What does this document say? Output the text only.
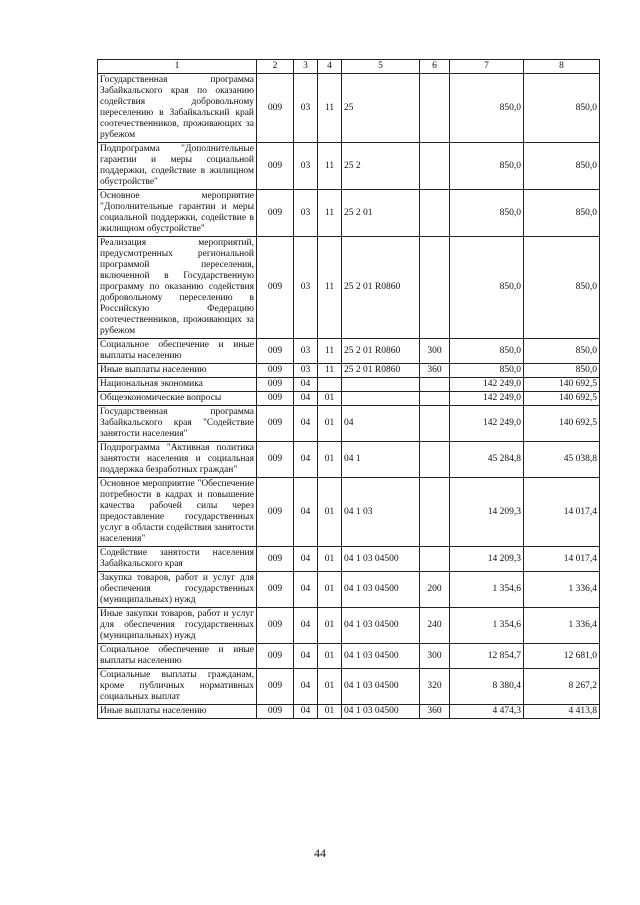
1	2	3	4	5	6	7	8
Государственная программа Забайкальского края по оказанию содействия добровольному переселению в Забайкальский край соотечественников, проживающих за рубежом	009	03	11	25		850,0	850,0
Подпрограмма "Дополнительные гарантии и меры социальной поддержки, содействие в жилищном обустройстве"	009	03	11	25 2		850,0	850,0
Основное мероприятие "Дополнительные гарантии и меры социальной поддержки, содействие в жилищном обустройстве"	009	03	11	25 2 01		850,0	850,0
Реализация мероприятий, предусмотренных региональной программой переселения, включенной в Государственную программу по оказанию содействия добровольному переселению в Российскую Федерацию соотечественников, проживающих за рубежом	009	03	11	25 2 01 R0860		850,0	850,0
Социальное обеспечение и иные выплаты населению	009	03	11	25 2 01 R0860	300	850,0	850,0
Иные выплаты населению	009	03	11	25 2 01 R0860	360	850,0	850,0
Национальная экономика	009	04				142 249,0	140 692,5
Общеэкономические вопросы	009	04	01			142 249,0	140 692,5
Государственная программа Забайкальского края "Содействие занятости населения"	009	04	01	04		142 249,0	140 692,5
Подпрограмма "Активная политика занятости населения и социальная поддержка безработных граждан"	009	04	01	04 1		45 284,8	45 038,8
Основное мероприятие "Обеспечение потребности в кадрах и повышение качества рабочей силы через предоставление государственных услуг в области содействия занятости населения"	009	04	01	04 1 03		14 209,3	14 017,4
Содействие занятости населения Забайкальского края	009	04	01	04 1 03 04500		14 209,3	14 017,4
Закупка товаров, работ и услуг для обеспечения государственных (муниципальных) нужд	009	04	01	04 1 03 04500	200	1 354,6	1 336,4
Иные закупки товаров, работ и услуг для обеспечения государственных (муниципальных) нужд	009	04	01	04 1 03 04500	240	1 354,6	1 336,4
Социальное обеспечение и иные выплаты населению	009	04	01	04 1 03 04500	300	12 854,7	12 681,0
Социальные выплаты гражданам, кроме публичных нормативных социальных выплат	009	04	01	04 1 03 04500	320	8 380,4	8 267,2
Иные выплаты населению	009	04	01	04 1 03 04500	360	4 474,3	4 413,8
44
